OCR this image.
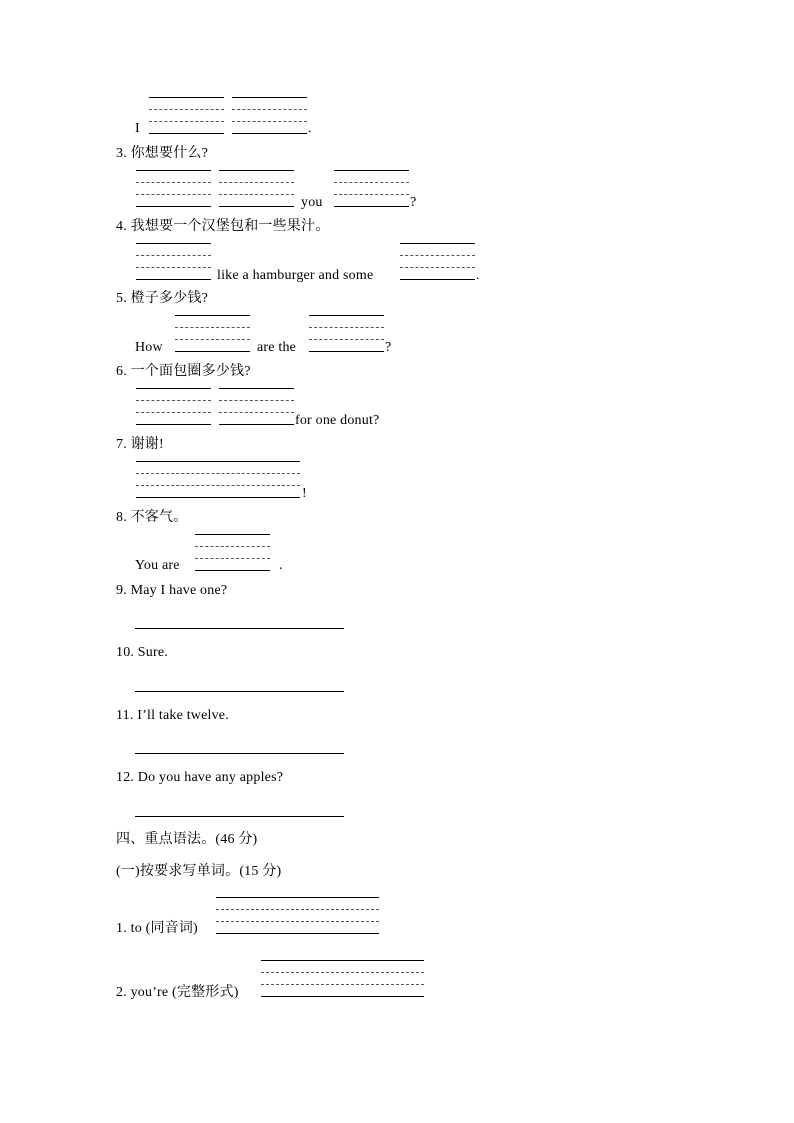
I	.
3. 你想要什么?
you	?
4. 我想要一个汉堡包和一些果汁。
like a hamburger and some	.
5. 橙子多少钱?
How	are the	?
6. 一个面包圈多少钱?
for one donut?
7. 谢谢!
!
8. 不客气。
You are	.
9. May I have one?
10. Sure.
11. I’ll take twelve.
12. Do you have any apples?
四、重点语法。(46 分)
(一)按要求写单词。(15 分)
1. to (同音词)
2. you’re (完整形式)
